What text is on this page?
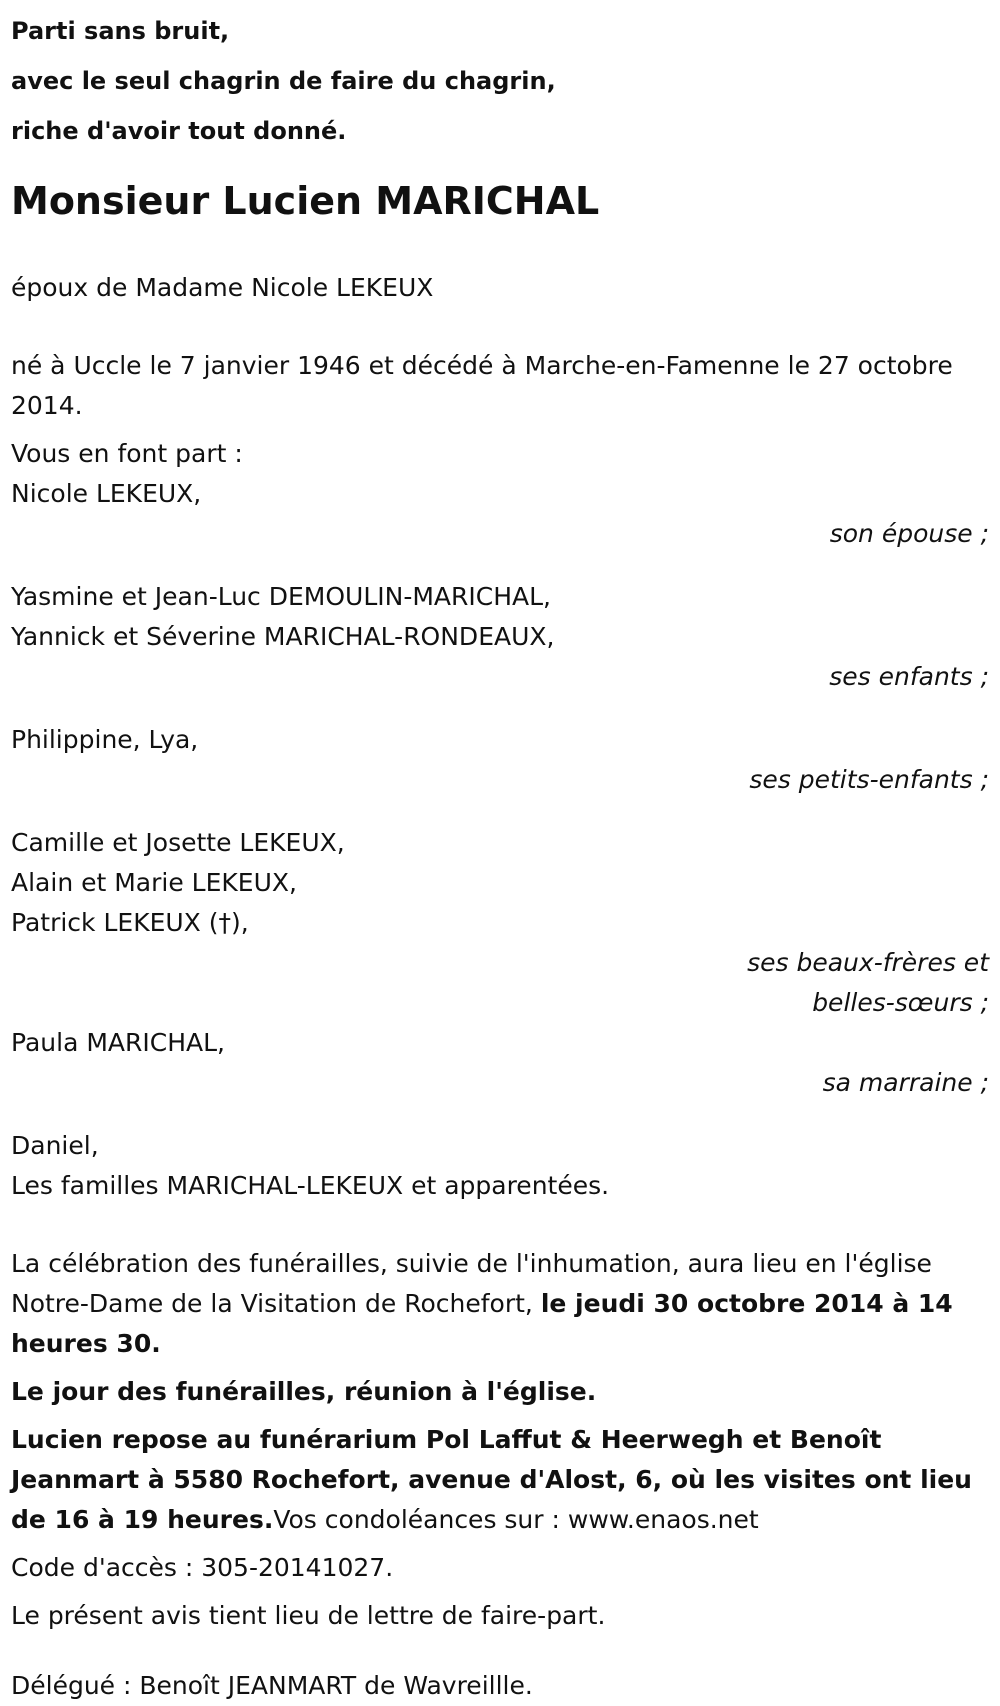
Parti sans bruit,

avec le seul chagrin de faire du chagrin,

riche d'avoir tout donné.

Monsieur Lucien MARICHAL

époux de Madame Nicole LEKEUX

né à Uccle le 7 janvier 1946 et décédé à Marche-en-Famenne le 27 octobre 2014.

Vous en font part :

Nicole LEKEUX,

son épouse ;

Yasmine et Jean-Luc DEMOULIN-MARICHAL,

Yannick et Séverine MARICHAL-RONDEAUX,

ses enfants ;

Philippine, Lya,

ses petits-enfants ;

Camille et Josette LEKEUX,

Alain et Marie LEKEUX,

Patrick LEKEUX (†),

ses beaux-frères et

belles-sœurs ;

Paula MARICHAL,

sa marraine ;

Daniel,

Les familles MARICHAL-LEKEUX et apparentées.

La célébration des funérailles, suivie de l'inhumation, aura lieu en l'église Notre-Dame de la Visitation de Rochefort, le jeudi 30 octobre 2014 à 14 heures 30.

Le jour des funérailles, réunion à l'église.

Lucien repose au funérarium Pol Laffut & Heerwegh et Benoît Jeanmart à 5580 Rochefort, avenue d'Alost, 6, où les visites ont lieu de 16 à 19 heures.Vos condoléances sur : www.enaos.net

Code d'accès : 305-20141027.

Le présent avis tient lieu de lettre de faire-part.

Délégué : Benoît JEANMART de Wavreillle.
